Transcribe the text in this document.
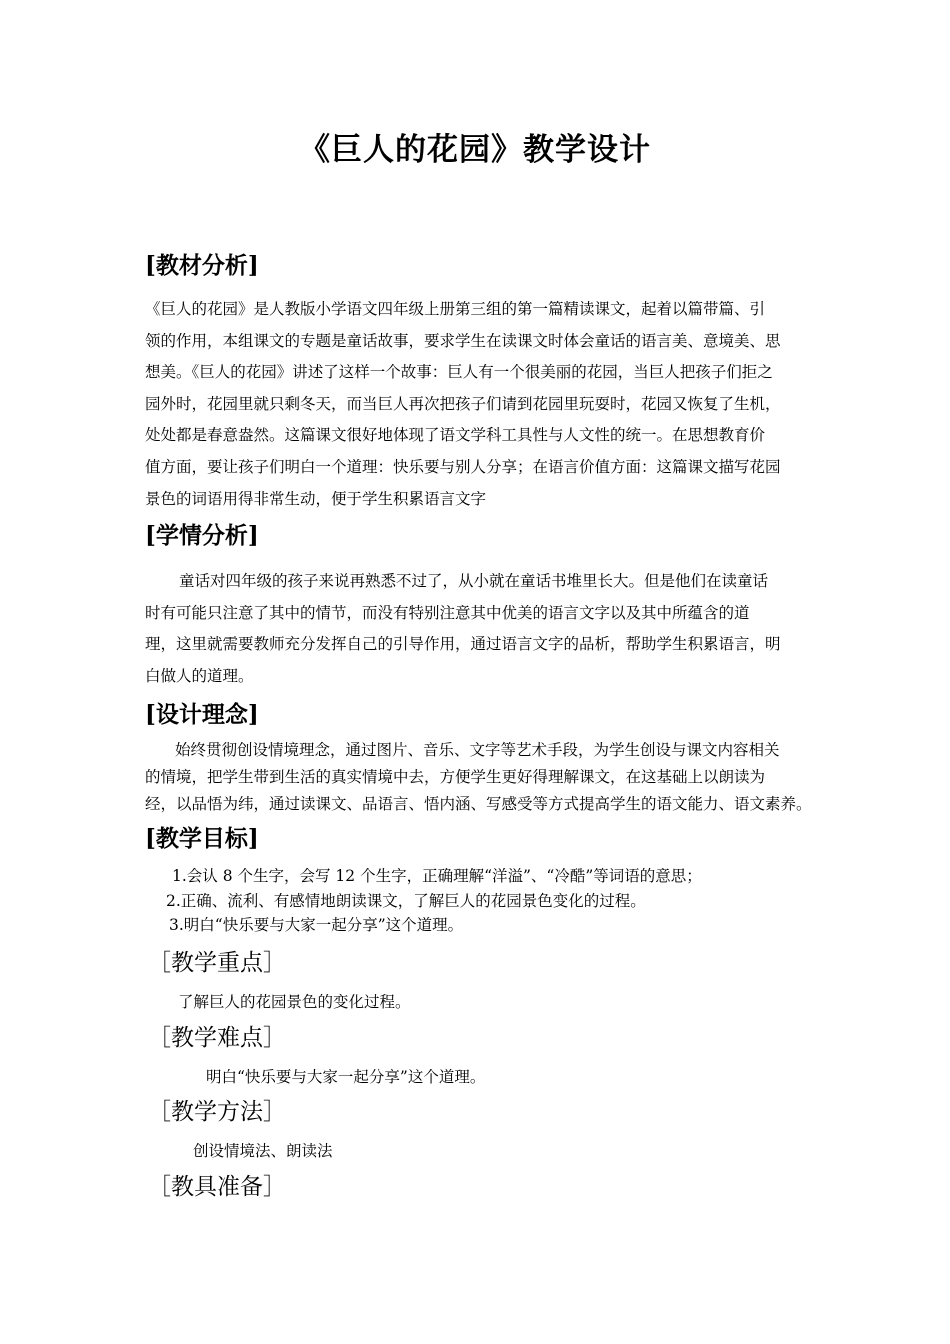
《巨人的花园》教学设计
[教材分析]
《巨人的花园》是人教版小学语文四年级上册第三组的第一篇精读课文，起着以篇带篇、引
领的作用，本组课文的专题是童话故事，要求学生在读课文时体会童话的语言美、意境美、思
想美。《巨人的花园》讲述了这样一个故事：巨人有一个很美丽的花园，当巨人把孩子们拒之
园外时，花园里就只剩冬天，而当巨人再次把孩子们请到花园里玩耍时，花园又恢复了生机，
处处都是春意盎然。这篇课文很好地体现了语文学科工具性与人文性的统一。在思想教育价
值方面，要让孩子们明白一个道理：快乐要与别人分享；在语言价值方面：这篇课文描写花园
景色的词语用得非常生动，便于学生积累语言文字
[学情分析]
童话对四年级的孩子来说再熟悉不过了，从小就在童话书堆里长大。但是他们在读童话
时有可能只注意了其中的情节，而没有特别注意其中优美的语言文字以及其中所蕴含的道
理，这里就需要教师充分发挥自己的引导作用，通过语言文字的品析，帮助学生积累语言，明
白做人的道理。
[设计理念]
始终贯彻创设情境理念，通过图片、音乐、文字等艺术手段，为学生创设与课文内容相关
的情境，把学生带到生活的真实情境中去，方便学生更好得理解课文，在这基础上以朗读为
经，以品悟为纬，通过读课文、品语言、悟内涵、写感受等方式提高学生的语文能力、语文素养。
[教学目标]
1.会认 8 个生字，会写 12 个生字，正确理解“洋溢”、“冷酷”等词语的意思；
2.正确、流利、有感情地朗读课文，了解巨人的花园景色变化的过程。
3.明白“快乐要与大家一起分享”这个道理。
［教学重点］
了解巨人的花园景色的变化过程。
［教学难点］
明白“快乐要与大家一起分享”这个道理。
［教学方法］
创设情境法、朗读法
［教具准备］
